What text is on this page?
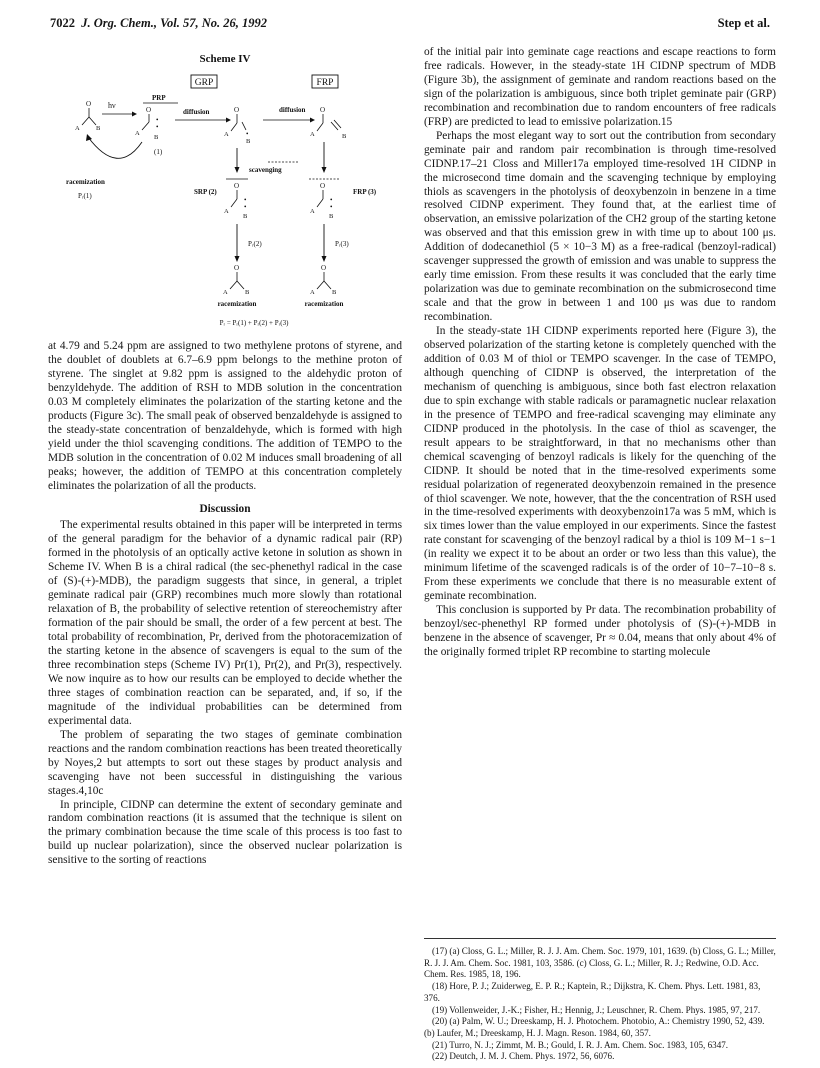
7022 J. Org. Chem., Vol. 57, No. 26, 1992	Step et al.
Scheme IV
GRP	FRP
PRP
O
A	B
hν	O
•
•
B
A
diffusion	O
•
B
A
diffusion O
B
A
(1)
racemization
Pᵣ(1)
scavenging
SRP (2)	FRP (3)
O
•
•
A
B
O
•
•
A
B
Pᵣ(2)	Pᵣ(3)
O
A	B
O
A	B
racemization	racemization
Pᵣ = Pᵣ(1) + Pᵣ(2) + Pᵣ(3)

at 4.79 and 5.24 ppm are assigned to two methylene protons of styrene, and the doublet of doublets at 6.7–6.9 ppm belongs to the methine proton of styrene. The singlet at 9.82 ppm is assigned to the aldehydic proton of benzyldehyde. The addition of RSH to MDB solution in the concentration 0.03 M completely eliminates the polarization of the starting ketone and the products (Figure 3c). The small peak of observed benzaldehyde is assigned to the steady-state concentration of benzaldehyde, which is formed with high yield under the thiol scavenging conditions. The addition of TEMPO to the MDB solution in the concentration of 0.02 M induces small broadening of all peaks; however, the addition of TEMPO at this concentration completely eliminates the polarization of all the products.

Discussion

The experimental results obtained in this paper will be interpreted in terms of the general paradigm for the behavior of a dynamic radical pair (RP) formed in the photolysis of an optically active ketone in solution as shown in Scheme IV. When B is a chiral radical (the sec-phenethyl radical in the case of (S)-(+)-MDB), the paradigm suggests that since, in general, a triplet geminate radical pair (GRP) recombines much more slowly than rotational relaxation of B, the probability of selective retention of stereochemistry after formation of the pair should be small, the order of a few percent at best. The total probability of recombination, Pr, derived from the photoracemization of the starting ketone in the absence of scavengers is equal to the sum of the three recombination steps (Scheme IV) Pr(1), Pr(2), and Pr(3), respectively. We now inquire as to how our results can be employed to decide whether the three stages of combination reaction can be separated, and, if so, if the magnitude of the individual probabilities can be determined from experimental data.

The problem of separating the two stages of geminate combination reactions and the random combination reactions has been treated theoretically by Noyes,2 but attempts to sort out these stages by product analysis and scavenging have not been successful in distinguishing the various stages.4,10c

In principle, CIDNP can determine the extent of secondary geminate and random combination reactions (it is assumed that the technique is silent on the primary combination because the time scale of this process is too fast to build up nuclear polarization), since the observed nuclear polarization is sensitive to the sorting of reactions

of the initial pair into geminate cage reactions and escape reactions to form free radicals. However, in the steady-state 1H CIDNP spectrum of MDB (Figure 3b), the assignment of geminate and random reactions based on the sign of the polarization is ambiguous, since both triplet geminate pair (GRP) recombination and recombination due to random encounters of free radicals (FRP) are predicted to lead to emissive polarization.15

Perhaps the most elegant way to sort out the contribution from secondary geminate pair and random pair recombination is through time-resolved CIDNP.17–21 Closs and Miller17a employed time-resolved 1H CIDNP in the microsecond time domain and the scavenging technique by employing thiols as scavengers in the photolysis of deoxybenzoin in benzene in a time resolved CIDNP experiment. They found that, at the earliest time of observation, an emissive polarization of the CH2 group of the starting ketone was observed and that this emission grew in with time up to about 100 μs. Addition of dodecanethiol (5 × 10−3 M) as a free-radical (benzoyl-radical) scavenger suppressed the growth of emission and was unable to suppress the early time emission. From these results it was concluded that the early time polarization was due to geminate recombination on the submicrosecond time scale and that the grow in between 1 and 100 μs was due to random recombination.

In the steady-state 1H CIDNP experiments reported here (Figure 3), the observed polarization of the starting ketone is completely quenched with the addition of 0.03 M of thiol or TEMPO scavenger. In the case of TEMPO, although quenching of CIDNP is observed, the interpretation of the mechanism of quenching is ambiguous, since both fast electron relaxation due to spin exchange with stable radicals or paramagnetic nuclear relaxation in the presence of TEMPO and free-radical scavenging may eliminate any CIDNP produced in the photolysis. In the case of thiol as scavenger, the result appears to be straightforward, in that no mechanisms other than chemical scavenging of benzoyl radicals is likely for the quenching of the CIDNP. It should be noted that in the time-resolved experiments some residual polarization of regenerated deoxybenzoin remained in the presence of thiol scavenger. We note, however, that the the concentration of RSH used in the time-resolved experiments with deoxybenzoin17a was 5 mM, which is six times lower than the value employed in our experiments. Since the fastest rate constant for scavenging of the benzoyl radical by a thiol is 109 M−1 s−1 (in reality we expect it to be about an order or two less than this value), the minimum lifetime of the scavenged radicals is of the order of 10−7–10−8 s. From these experiments we conclude that there is no measurable extent of geminate recombination.

This conclusion is supported by Pr data. The recombination probability of benzoyl/sec-phenethyl RP formed under photolysis of (S)-(+)-MDB in benzene in the absence of scavenger, Pr ≈ 0.04, means that only about 4% of the originally formed triplet RP recombine to starting molecule

(17) (a) Closs, G. L.; Miller, R. J. J. Am. Chem. Soc. 1979, 101, 1639. (b) Closs, G. L.; Miller, R. J. J. Am. Chem. Soc. 1981, 103, 3586. (c) Closs, G. L.; Miller, R. J.; Redwine, O.D. Acc. Chem. Res. 1985, 18, 196.
(18) Hore, P. J.; Zuiderweg, E. P. R.; Kaptein, R.; Dijkstra, K. Chem. Phys. Lett. 1981, 83, 376.
(19) Vollenweider, J.-K.; Fisher, H.; Hennig, J.; Leuschner, R. Chem. Phys. 1985, 97, 217.
(20) (a) Palm, W. U.; Dreeskamp, H. J. Photochem. Photobio, A.: Chemistry 1990, 52, 439. (b) Laufer, M.; Dreeskamp, H. J. Magn. Reson. 1984, 60, 357.
(21) Turro, N. J.; Zimmt, M. B.; Gould, I. R. J. Am. Chem. Soc. 1983, 105, 6347.
(22) Deutch, J. M. J. Chem. Phys. 1972, 56, 6076.
